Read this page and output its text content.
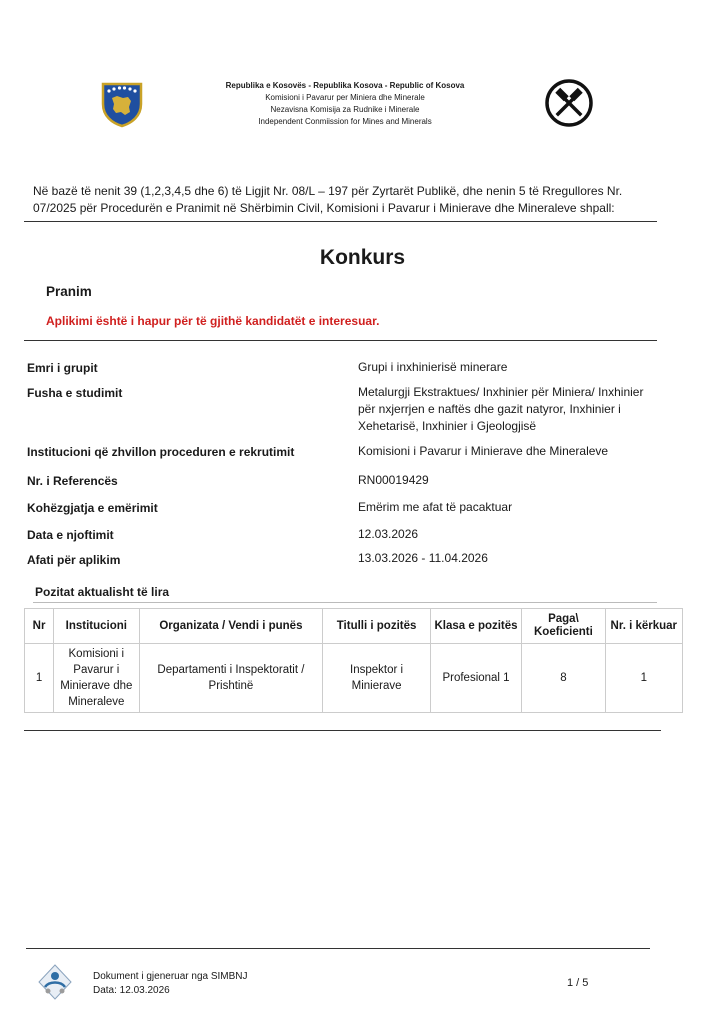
Republika e Kosovës - Republika Kosova - Republic of Kosova
Komisioni i Pavarur per Miniera dhe Minerale
Nezavisna Komisija za Rudnike i Minerale
Independent Conmiission for Mines and Minerals
Në bazë të nenit 39 (1,2,3,4,5 dhe 6) të Ligjit Nr. 08/L – 197 për Zyrtarët Publikë, dhe nenin 5 të Rregullores Nr. 07/2025 për Procedurën e Pranimit në Shërbimin Civil, Komisioni i Pavarur i Minierave dhe Mineraleve shpall:
Konkurs
Pranim
Aplikimi është i hapur për të gjithë kandidatët e interesuar.
Emri i grupit	Grupi i inxhinierisë minerare
Fusha e studimit	Metalurgji Ekstraktues/ Inxhinier për Miniera/ Inxhinier për nxjerrjen e naftës dhe gazit natyror, Inxhinier i Xehetarisë, Inxhinier i Gjeologjisë
Institucioni që zhvillon proceduren e rekrutimit	Komisioni i Pavarur i Minierave dhe Mineraleve
Nr. i Referencës	RN00019429
Kohëzgjatja e emërimit	Emërim me afat të pacaktuar
Data e njoftimit	12.03.2026
Afati për aplikim	13.03.2026 - 11.04.2026
Pozitat aktualisht të lira
Nr	Institucioni	Organizata / Vendi i punës	Titulli i pozitës	Klasa e pozitës	Paga\ Koeficienti	Nr. i kërkuar
1	Komisioni i Pavarur i Minierave dhe Mineraleve	Departamenti i Inspektoratit / Prishtinë	Inspektor i Minierave	Profesional 1	8	1
Dokument i gjeneruar nga SIMBNJ
Data: 12.03.2026
1 / 5
